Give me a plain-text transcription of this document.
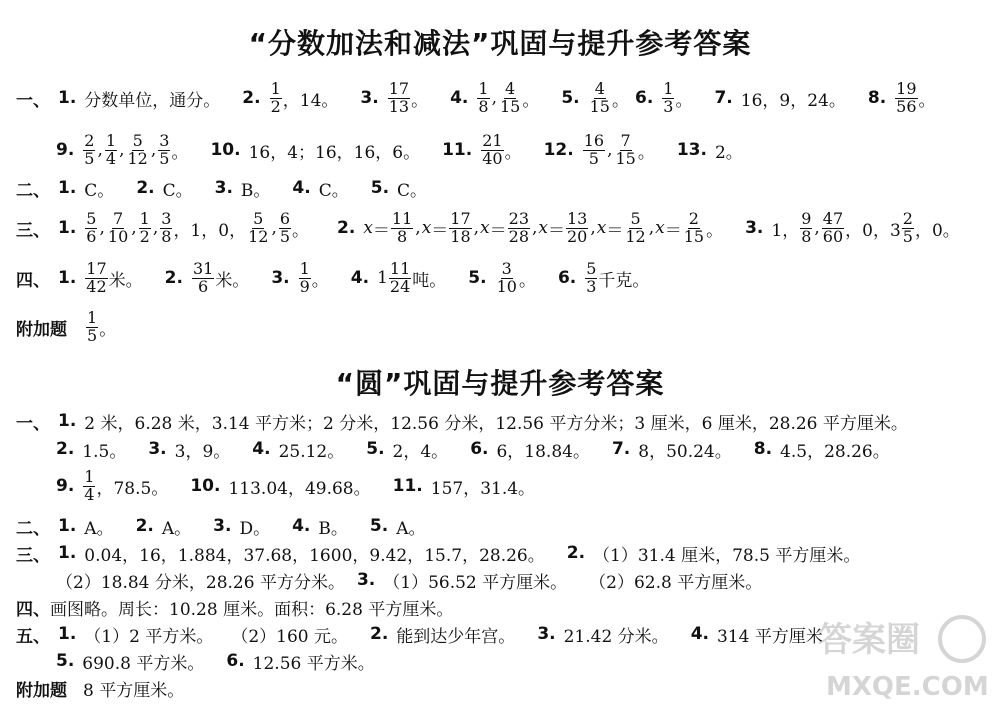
“分数加法和减法”巩固与提升参考答案
一、 1. 分数单位，通分。 2. $\frac{1}{2}$ ，14。 3. $\frac{17}{13}$ 。 4. $\frac{1}{8}$ , $\frac{4}{15}$ 。 5. $\frac{4}{15}$ 。 6. $\frac{1}{3}$ 。 7. 16，9，24。 8. $\frac{19}{56}$ 。
9. $\frac{2}{5}$ , $\frac{1}{4}$ , $\frac{5}{12}$ , $\frac{3}{5}$ 。 10. 16，4；16，16，6。 11. $\frac{21}{40}$ 。 12. $\frac{16}{5}$ , $\frac{7}{15}$ 。 13. 2。
二、 1. C。 2. C。 3. B。 4. C。 5. C。
三、 1. $\frac{5}{6}$ , $\frac{7}{10}$ , $\frac{1}{2}$ , $\frac{3}{8}$ ，1，0， $\frac{5}{12}$ , $\frac{6}{5}$ 。 2. $x = \frac{11}{8}$ , $x = \frac{17}{18}$ , $x = \frac{23}{28}$ , $x = \frac{13}{20}$ , $x = \frac{5}{12}$ , $x = \frac{2}{15}$ 。 3. 1， $\frac{9}{8}$ , $\frac{47}{60}$ ，0，$3 \frac{2}{5}$ ，0。
四、 1. $\frac{17}{42}$ 米。 2. $\frac{31}{6}$ 米。 3. $\frac{1}{9}$ 。 4. $1 \frac{11}{24}$ 吨。 5. $\frac{3}{10}$ 。 6. $\frac{5}{3}$ 千克。
附加题 $\frac{1}{5}$ 。
“圆”巩固与提升参考答案
一、 1. 2 米，6.28 米，3.14 平方米；2 分米，12.56 分米，12.56 平方分米；3 厘米，6 厘米，28.26 平方厘米。
2. 1.5。 3. 3，9。 4. 25.12。 5. 2，4。 6. 6，18.84。 7. 8，50.24。 8. 4.5，28.26。
9. $\frac{1}{4}$ ，78.5。 10. 113.04，49.68。 11. 157，31.4。
二、 1. A。 2. A。 3. D。 4. B。 5. A。
三、 1. 0.04，16，1.884，37.68，1600，9.42，15.7，28.26。 2. （1）31.4 厘米，78.5 平方厘米。
（2）18.84 分米，28.26 平方分米。 3. （1）56.52 平方厘米。 （2）62.8 平方厘米。
四、 画图略。周长：10.28 厘米。面积：6.28 平方厘米。
五、 1. （1）2 平方米。 （2）160 元。 2. 能到达少年宫。 3. 21.42 分米。 4. 314 平方厘米
5. 690.8 平方米。 6. 12.56 平方米。
附加题 8 平方厘米。
答案圈
MXQE.COM
